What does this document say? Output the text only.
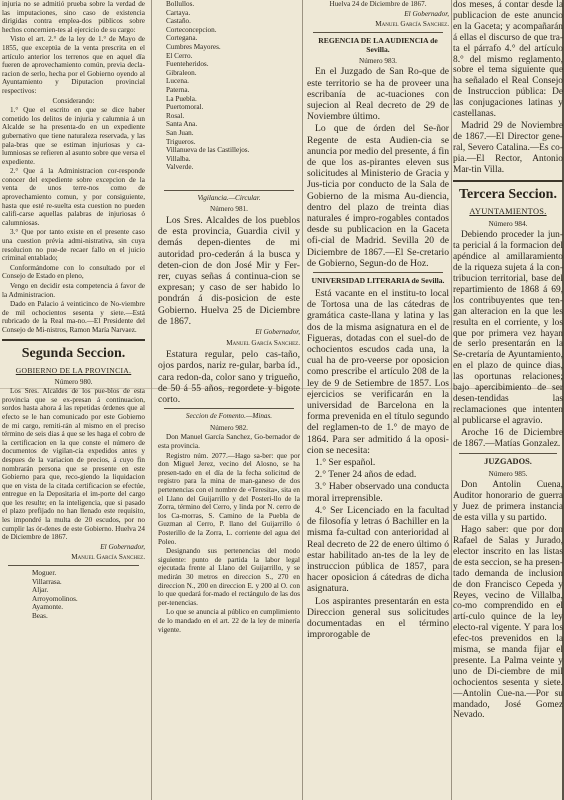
injuria no se admitió prueba sobre la verdad de las imputaciones, sino caso de existencia dirigidas contra emplea-dos públicos sobre hechos concernien-tes al ejercicio de su cargo:

Visto el art. 2.° de la ley de 1.° de Mayo de 1855, que exceptúa de la venta prescrita en el artículo anterior los terrenos que en aquel día fueren de aprovechamiento común, previa decla-racion de serlo, hecha por el Gobierno oyendo al Ayuntamiento y Diputacion provincial respectivos:

Considerando:

1.° Que el escrito en que se dice haber cometido los delitos de injuria y calumnia á un Alcalde se ha presenta-do en un expediente gubernativo que tiene naturaleza reservada, y las pala-bras que se estiman injuriosas y ca-lumniosas se refieren al asunto sobre que versa el expediente.

2.° Que á la Administracion cor-responde conocer del expediente sobre excepcion de la venta de unos terre-nos como de aprovechamiento comun, y por consiguiente, hasta que esté re-suelta esta cuestion no pueden califi-carse aquellas palabras de injuriosas ó calumniosas.

3.° Que por tanto existe en el presente caso una cuestion prévia admi-nistrativa, sin cuya resolucion no pue-de recaer fallo en el juicio criminal entablado;

Conformándome con lo consultado por el Consejo de Estado en pleno,

Vengo en decidir esta competencia á favor de la Administracion.

Dado en Palacio á veinticinco de No-viembre de mil ochocientos sesenta y siete.—Está rubricado de la Real ma-no.—El Presidente del Consejo de Mi-nistros, Ramon María Narvaez.

Segunda Seccion.
GOBIERNO DE LA PROVINCIA.
Número 980.

Los Sres. Alcaldes de los pue-blos de esta provincia que se ex-presan á continuacion, sordos hasta ahora á las repetidas órdenes que al efecto se le han comunicado por este Gobierno de mi cargo, remiti-rán al mismo en el preciso término de seis dias á que se les haga el cobro de la certificacion en la que conste el número de documentos de vigilan-cia expedidos antes y despues de la variacion de precios, á cuyo fin nombrarán persona que se presente en este Gobierno para que, reco-giendo la liquidacion que en vista de la citada certificacion se efectúe, entregue en la Depositaria el im-porte del cargo que les resulte; en la inteligencia, que si pasado el plazo prefijado no han llenado este requisito, les impondré la multa de 20 escudos, por no cumplir las ór-denes de este Gobierno. Huelva 24 de Diciembre de 1867.

El Gobernador,
Manuel García Sanchez.
Moguer.
Villarrasa.
Aljar.
Arroyomolinos.
Ayamonte.
Beas.
Bollullos.
Cartaya.
Castaño.
Corteconcepcion.
Cortegana.
Cumbres Mayores.
El Cerro.
Fuenteheridos.
Gibraleon.
Lucena.
Paterna.
La Puebla.
Puertomoral.
Rosal.
Santa Ana.
San Juan.
Trigueros.
Villanueva de las Castillejos.
Villalba.
Valverde.
Vigilancia.—Circular.
Número 981.

Los Sres. Alcaldes de los pueblos de esta provincia, Guardia civil y demás depen-dientes de mi autoridad pro-cederán á la busca y deten-cion de don José Mir y Fer-rer, cuyas señas á continua-cion se expresan; y caso de ser habido lo pondrán á dis-posicion de este Gobierno. Huelva 25 de Diciembre de 1867.

El Gobernador,
Manuel García Sanchez.

Estatura regular, pelo cas-taño, ojos pardos, nariz re-gular, barba íd., cara redon-da, color sano y trigueño, de 50 á 55 años, regordete y bigote corto.

Seccion de Fomento.—Minas.
Número 982.

Don Manuel García Sanchez, Go-bernador de esta provincia.

Registro núm. 2077.—Hago sa-ber: que por don Miguel Jerez, vecino del Alosno, se ha presen-tado en el día de la fecha solicitud de registro para la mina de man-ganeso de dos pertenencias con el nombre de «Teresita», sita en el Llano del Guijarrillo y del Posteri-llo de la Zorra, término del Cerro, y linda por N. cerro de los Ca-morras, S. Camino de la Puebla de Guzman al Cerro, P. llano del Guijarrillo ó Posterillo de la Zorra, L. corriente del agua del Poleo.

Designando sus pertenencias del modo siguiente: punto de partida la labor legal ejecutada frente al Llano del Guijarrillo, y se medirán 30 metros en direccion S., 270 en direccion N., 200 en direccion E. y 200 al O. con lo que quedará for-mado el rectángulo de las dos per-tenencias.

Lo que se anuncia al público en cumplimiento de lo mandado en el art. 22 de la ley de minería vigente.

Huelva 24 de Diciembre de 1867.
El Gobernador,
Manuel García Sanchez.
REGENCIA DE LA AUDIENCIA de Sevilla.
Número 983.

En el Juzgado de San Ro-que de este territorio se ha de proveer una escribanía de ac-tuaciones con sujecion al Real decreto de 29 de Noviembre último.

Lo que de órden del Se-ñor Regente de esta Audien-cia se anuncia por medio del presente, á fin de que los as-pirantes eleven sus solicitudes al Ministerio de Gracia y Jus-ticia por conducto de la Sala de Gobierno de la misma Au-diencia, dentro del plazo de treinta dias naturales é impro-rogables contados desde su publicacion en la Gaceta ofi-cial de Madrid. Sevilla 20 de Diciembre de 1867.—El Se-cretario de Gobierno, Segun-do de Hoz.

UNIVERSIDAD LITERARIA de Sevilla.

Está vacante en el institu-to local de Tortosa una de las cátedras de gramática caste-llana y latina y las dos de la misma asignatura en el de Figueras, dotadas con el suel-do de ochocientos escudos cada una, la cual ha de pro-veerse por oposicion como prescribe el artículo 208 de la ley de 9 de Setiembre de 1857. Los ejercicios se verificarán en la universidad de Barcelona en la forma prevenida en el título segundo del reglamen-to de 1.° de mayo de 1864. Para ser admitido á la oposi-cion se necesita:

1.° Ser español.

2.° Tener 24 años de edad.

3.° Haber observado una conducta moral irreprensible.

4.° Ser Licenciado en la facultad de filosofía y letras ó Bachiller en la misma fa-cultad con anterioridad al Real decreto de 22 de enero último ó estar habilitado an-tes de la ley de instruccion pública de 1857, para hacer oposicion á cátedras de dicha asignatura.

Los aspirantes presentarán en esta Direccion general sus solicitudes documentadas en el término improrogable de

dos meses, á contar desde la publicacion de este anuncio en la Gaceta; y acompañarán á ellas el discurso de que tra-ta el párrafo 4.° del artículo 8.° del mismo reglamento, sobre el tema siguiente que ha señalado el Real Consejo de Instruccion pública: De las conjugaciones latinas y castellanas.

Madrid 29 de Noviembre de 1867.—El Director gene-ral, Severo Catalina.—Es co-pia.—El Rector, Antonio Mar-tin Villa.

Tercera Seccion.
AYUNTAMIENTOS.
Número 984.

Debiendo proceder la jun-ta pericial á la formacion del apéndice al amillaramiento de la riqueza sujeta á la con-tribucion territorial, base del repartimiento de 1868 á 69, los contribuyentes que ten-gan alteracion en la que les resulta en el corriente, y los que por primera vez hayan de serlo presentarán en la Se-cretaría de Ayuntamiento, en el plazo de quince dias, las oportunas relaciones; bajo apercibimiento de ser desen-tendidas las reclamaciones que intenten al publicarse el agravio.

Aroche 16 de Diciembre de 1867.—Matías Gonzalez.

JUZGADOS.
Número 985.

Don Antolin Cuena, Auditor honorario de guerra y Juez de primera instancia de esta villa y su partido.

Hago saber: que por don Rafael de Salas y Jurado, elector inscrito en las listas de esta seccion, se ha presen-tado demanda de inclusion de don Francisco Cepeda y Reyes, vecino de Villalba, co-mo comprendido en el artí-culo quince de la ley electo-ral vigente. Y para los efec-tos prevenidos en la misma, se manda fijar el presente. La Palma veinte y uno de Di-ciembre de mil ochocientos sesenta y siete.—Antolin Cue-na.—Por su mandado, José Gomez Nevado.
